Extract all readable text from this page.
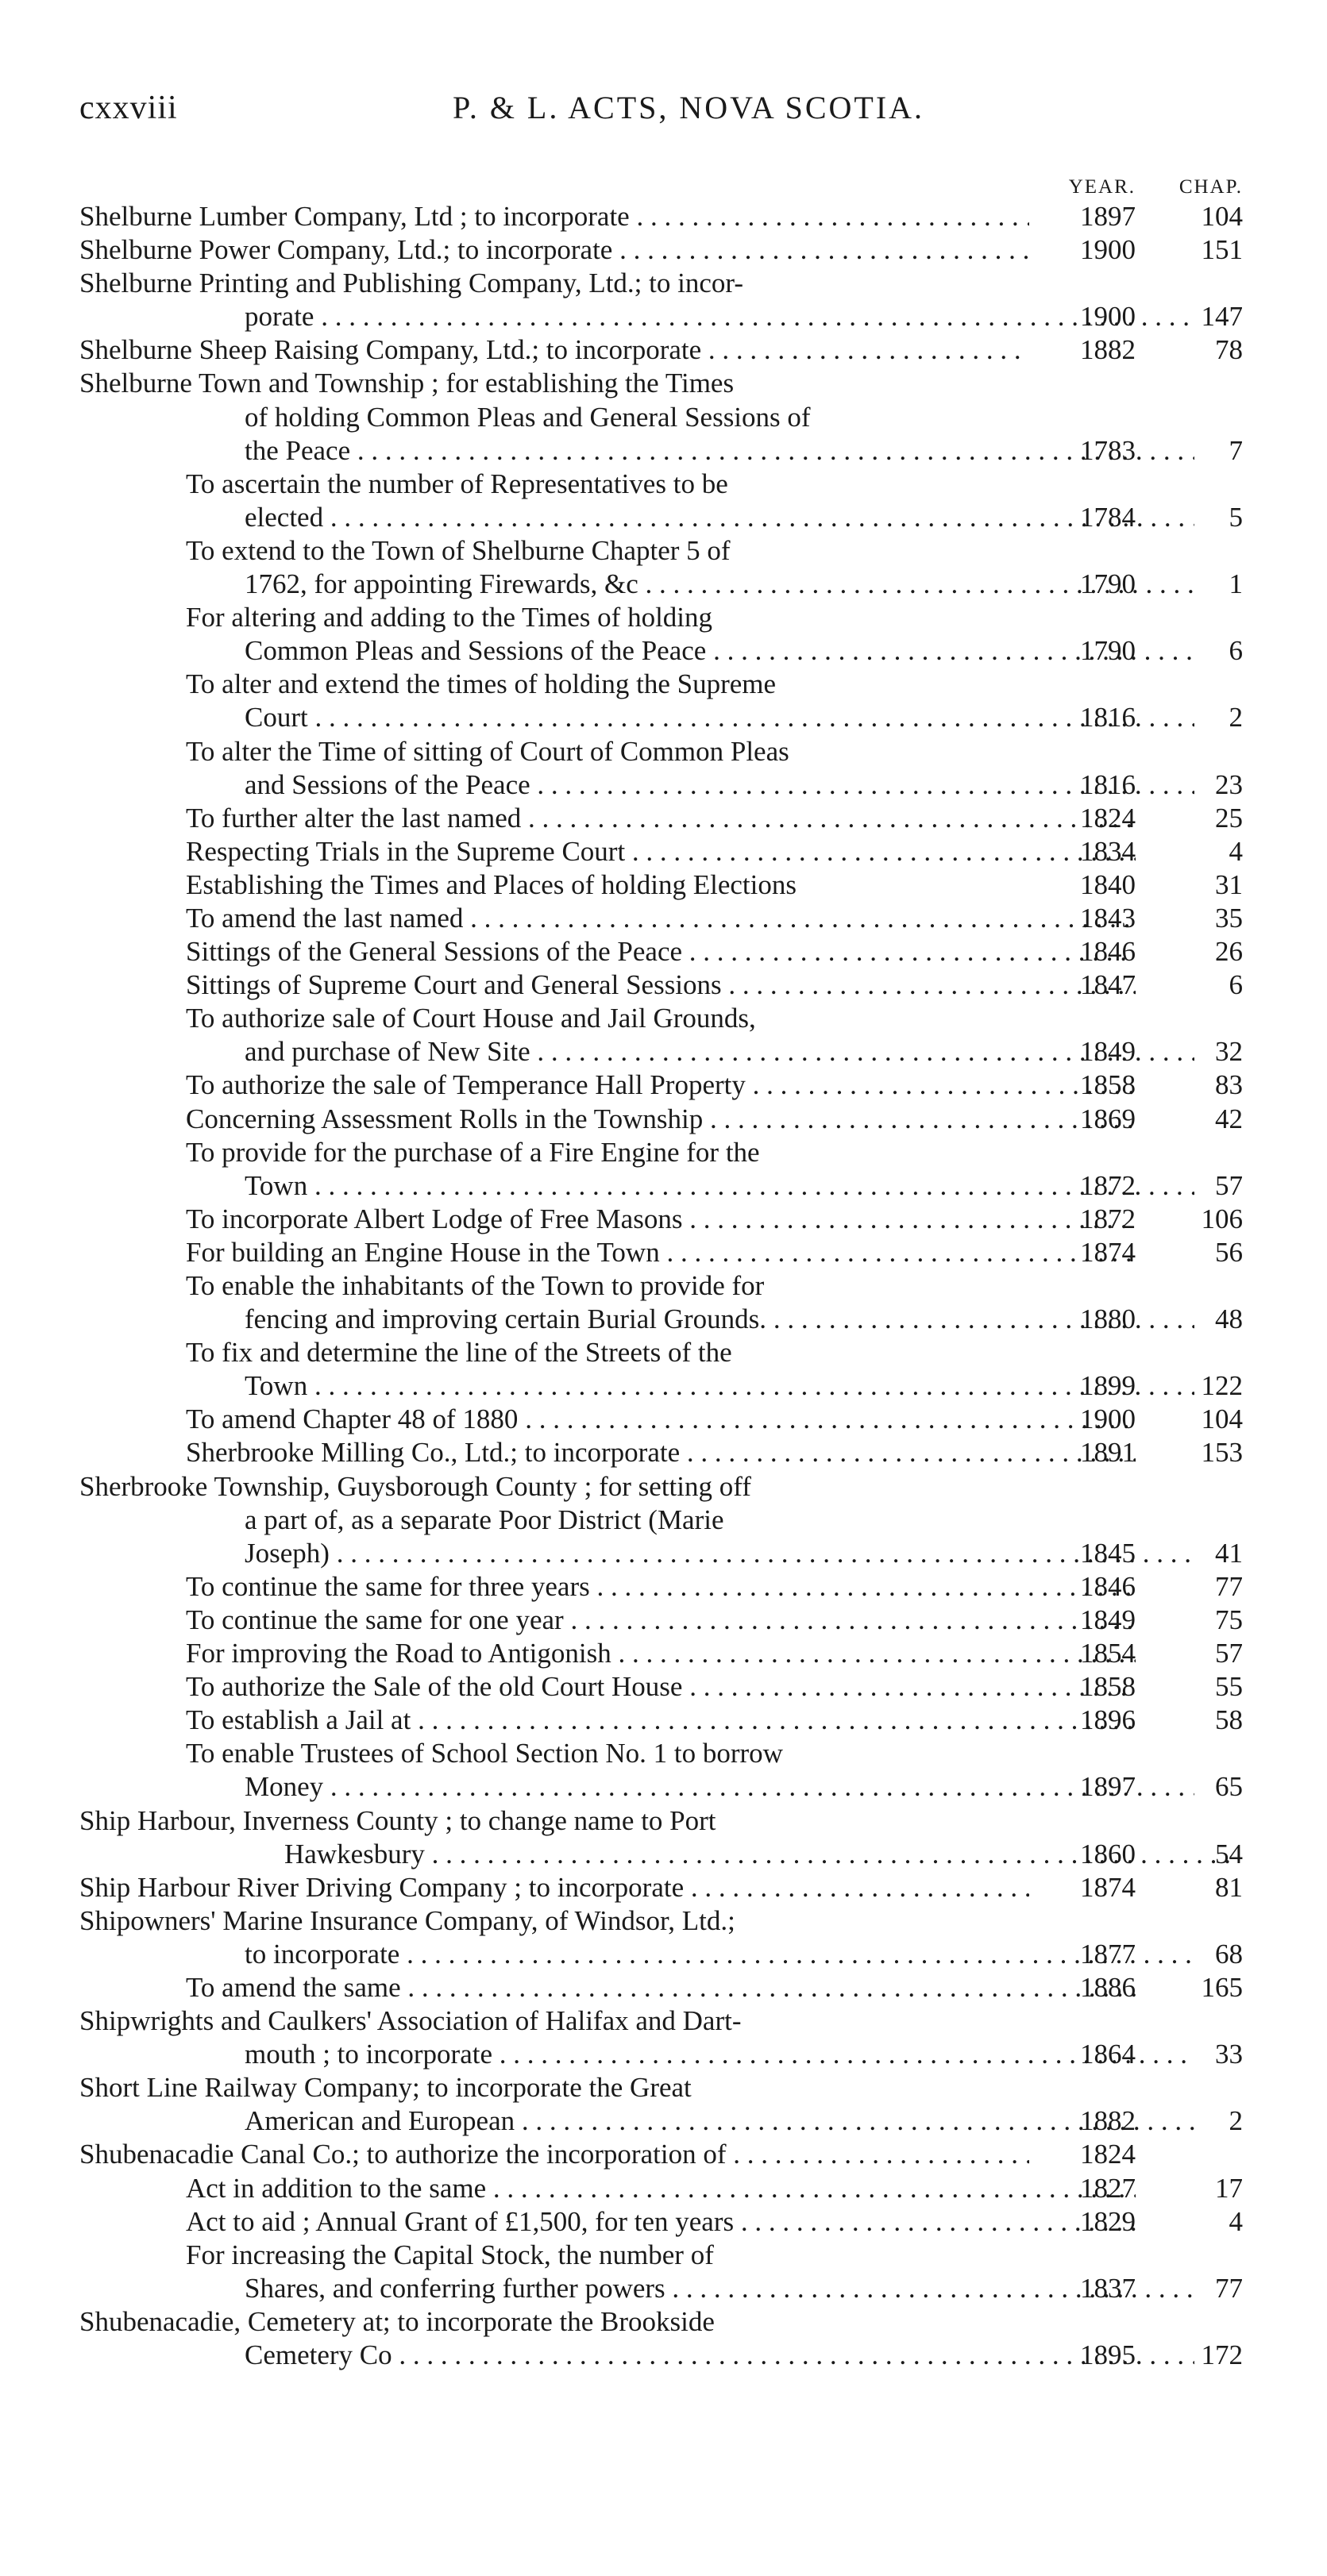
cxxviii	P. & L. ACTS, NOVA SCOTIA.
YEAR.	CHAP.
Shelburne Lumber Company, Ltd ; to incorporate . . .	1897	104
Shelburne Power Company, Ltd.; to incorporate . . .	1900	151
Shelburne Printing and Publishing Company, Ltd.; to incor-
porate . . .	1900	147
Shelburne Sheep Raising Company, Ltd.; to incorporate . . .	1882	78
Shelburne Town and Township ; for establishing the Times
of holding Common Pleas and General Sessions of
the Peace . . .	1783	7
To ascertain the number of Representatives to be
elected . . .	1784	5
To extend to the Town of Shelburne Chapter 5 of
1762, for appointing Firewards, &c . . .	1790	1
For altering and adding to the Times of holding
Common Pleas and Sessions of the Peace . . .	1790	6
To alter and extend the times of holding the Supreme
Court . . .	1816	2
To alter the Time of sitting of Court of Common Pleas
and Sessions of the Peace . . .	1816	23
To further alter the last named . . .	1824	25
Respecting Trials in the Supreme Court . . .	1834	4
Establishing the Times and Places of holding Elections	1840	31
To amend the last named . . .	1843	35
Sittings of the General Sessions of the Peace . . .	1846	26
Sittings of Supreme Court and General Sessions . . .	1847	6
To authorize sale of Court House and Jail Grounds,
and purchase of New Site . . .	1849	32
To authorize the sale of Temperance Hall Property . . .	1858	83
Concerning Assessment Rolls in the Township . . .	1869	42
To provide for the purchase of a Fire Engine for the
Town . . .	1872	57
To incorporate Albert Lodge of Free Masons . . .	1872	106
For building an Engine House in the Town . . .	1874	56
To enable the inhabitants of the Town to provide for
fencing and improving certain Burial Grounds. . . .	1880	48
To fix and determine the line of the Streets of the
Town . . .	1899	122
To amend Chapter 48 of 1880 . . .	1900	104
Sherbrooke Milling Co., Ltd.; to incorporate . . .	1891	153
Sherbrooke Township, Guysborough County ; for setting off
a part of, as a separate Poor District (Marie
Joseph) . . .	1845	41
To continue the same for three years . . .	1846	77
To continue the same for one year . . .	1849	75
For improving the Road to Antigonish . . .	1854	57
To authorize the Sale of the old Court House . . .	1858	55
To establish a Jail at . . .	1896	58
To enable Trustees of School Section No. 1 to borrow
Money . . .	1897	65
Ship Harbour, Inverness County ; to change name to Port
Hawkesbury . . .	1860	54
Ship Harbour River Driving Company ; to incorporate . . .	1874	81
Shipowners' Marine Insurance Company, of Windsor, Ltd.;
to incorporate . . .	1877	68
To amend the same . . .	1886	165
Shipwrights and Caulkers' Association of Halifax and Dart-
mouth ; to incorporate . . .	1864	33
Short Line Railway Company; to incorporate the Great
American and European . . .	1882	2
Shubenacadie Canal Co.; to authorize the incorporation of . . .	1824
Act in addition to the same . . .	1827	17
Act to aid ; Annual Grant of £1,500, for ten years . . .	1829	4
For increasing the Capital Stock, the number of
Shares, and conferring further powers . . .	1837	77
Shubenacadie, Cemetery at; to incorporate the Brookside
Cemetery Co . . .	1895	172
